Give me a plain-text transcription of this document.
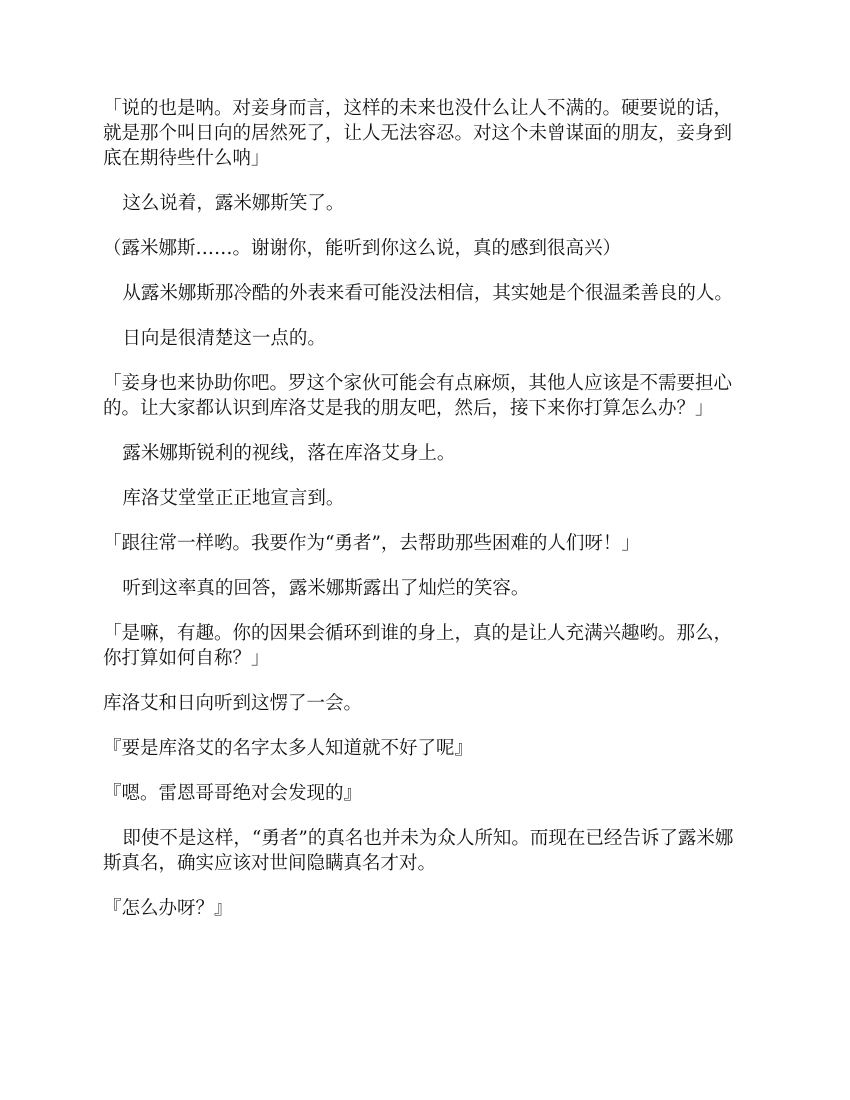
「说的也是呐。对妾身而言，这样的未来也没什么让人不满的。硬要说的话，就是那个叫日向的居然死了，让人无法容忍。对这个未曾谋面的朋友，妾身到底在期待些什么呐」

这么说着，露米娜斯笑了。

（露米娜斯……。谢谢你，能听到你这么说，真的感到很高兴）

从露米娜斯那冷酷的外表来看可能没法相信，其实她是个很温柔善良的人。

日向是很清楚这一点的。

「妾身也来协助你吧。罗这个家伙可能会有点麻烦，其他人应该是不需要担心的。让大家都认识到库洛艾是我的朋友吧，然后，接下来你打算怎么办？」

露米娜斯锐利的视线，落在库洛艾身上。

库洛艾堂堂正正地宣言到。

「跟往常一样哟。我要作为“勇者”，去帮助那些困难的人们呀！」

听到这率真的回答，露米娜斯露出了灿烂的笑容。

「是嘛，有趣。你的因果会循环到谁的身上，真的是让人充满兴趣哟。那么，你打算如何自称？」

库洛艾和日向听到这愣了一会。

『要是库洛艾的名字太多人知道就不好了呢』

『嗯。雷恩哥哥绝对会发现的』

即使不是这样，“勇者”的真名也并未为众人所知。而现在已经告诉了露米娜斯真名，确实应该对世间隐瞒真名才对。

『怎么办呀？』
